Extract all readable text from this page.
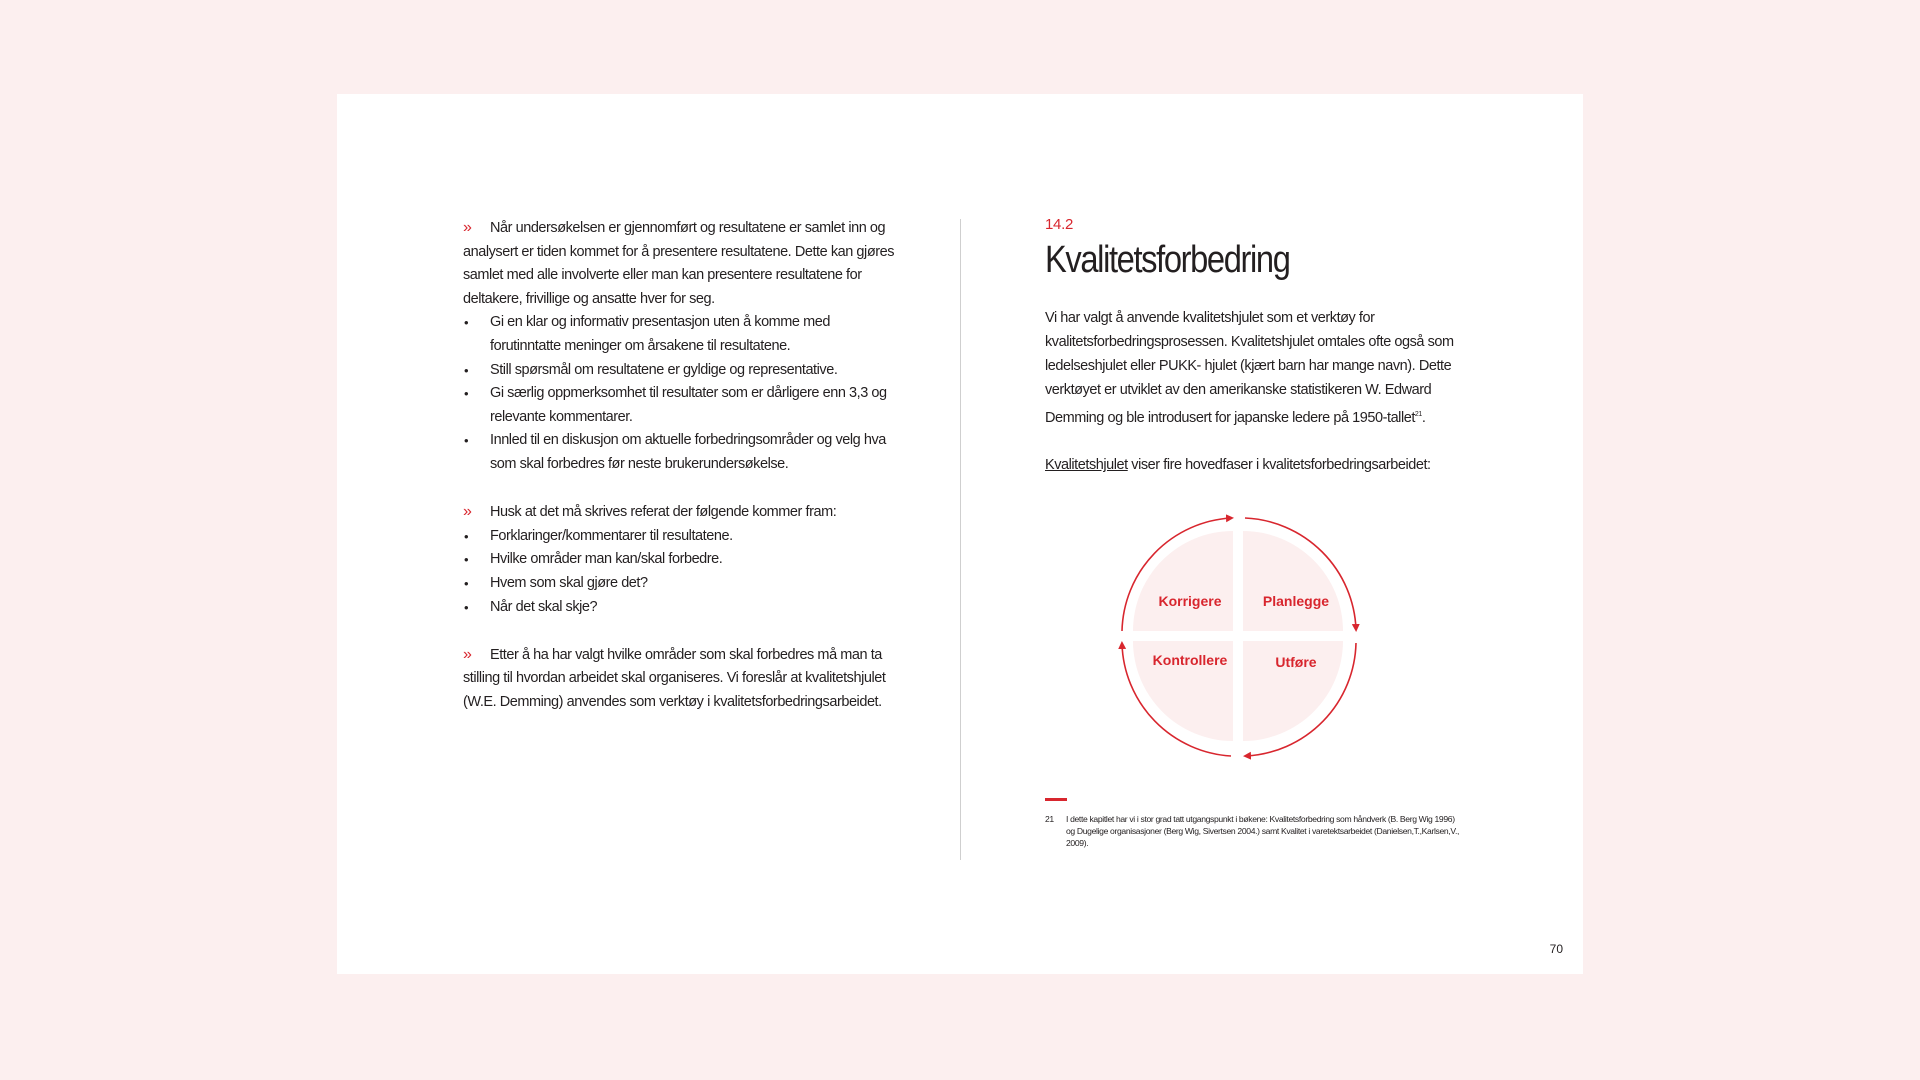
» Når undersøkelsen er gjennomført og resultatene er samlet inn og analysert er tiden kommet for å presentere resultatene. Dette kan gjøres samlet med alle involverte eller man kan presentere resultatene for deltakere, frivillige og ansatte hver for seg.

• Gi en klar og informativ presentasjon uten å komme med forutinntatte meninger om årsakene til resultatene.
• Still spørsmål om resultatene er gyldige og representative.
• Gi særlig oppmerksomhet til resultater som er dårligere enn 3,3 og relevante kommentarer.
• Innled til en diskusjon om aktuelle forbedringsområder og velg hva som skal forbedres før neste brukerundersøkelse.

» Husk at det må skrives referat der følgende kommer fram:

• Forklaringer/kommentarer til resultatene.
• Hvilke områder man kan/skal forbedre.
• Hvem som skal gjøre det?
• Når det skal skje?

» Etter å ha har valgt hvilke områder som skal forbedres må man ta stilling til hvordan arbeidet skal organiseres. Vi foreslår at kvalitetshjulet (W.E. Demming) anvendes som verktøy i kvalitetsforbedringsarbeidet.

14.2
Kvalitetsforbedring
Vi har valgt å anvende kvalitetshjulet som et verktøy for kvalitetsforbedringsprosessen. Kvalitetshjulet omtales ofte også som ledelseshjulet eller PUKK- hjulet (kjært barn har mange navn). Dette verktøyet er utviklet av den amerikanske statistikeren W. Edward Demming og ble introdusert for japanske ledere på 1950-tallet$^{21}$.
Kvalitetshjulet viser fire hovedfaser i kvalitetsforbedringsarbeidet:
Korrigere	Planlegge
Kontrollere	Utføre
21 I dette kapitlet har vi i stor grad tatt utgangspunkt i bøkene: Kvalitetsforbedring som håndverk (B. Berg Wig 1996) og Dugelige organisasjoner (Berg Wig, Sivertsen 2004.) samt Kvalitet i varetektsarbeidet (Danielsen,T.,Karlsen,V., 2009).
70
